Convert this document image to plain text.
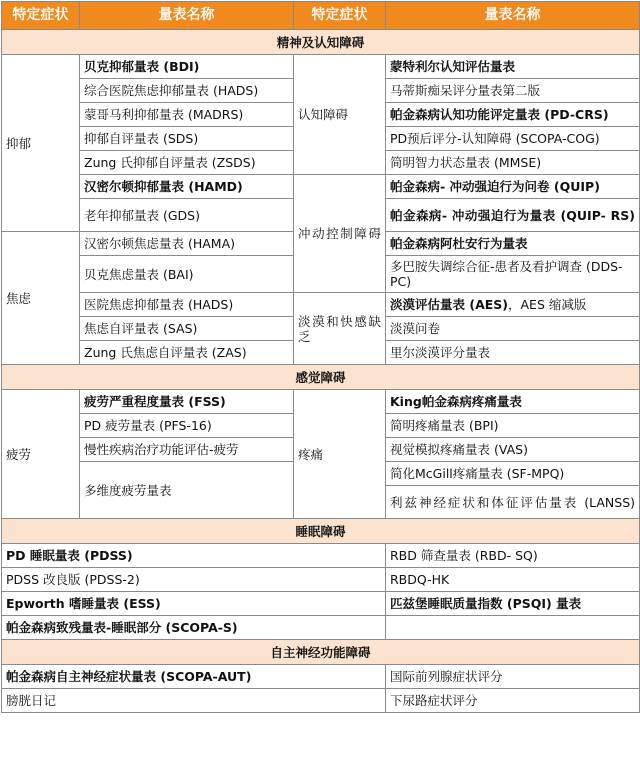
特定症状	量表名称	特定症状	量表名称
精神及认知障碍			
抑郁	贝克抑郁量表 (BDI)	认知障碍	蒙特利尔认知评估量表
	综合医院焦虑抑郁量表 (HADS)		马蒂斯痴呆评分量表第二版
	蒙哥马利抑郁量表 (MADRS)		帕金森病认知功能评定量表 (PD-CRS)
	抑郁自评量表 (SDS)		PD预后评分-认知障碍 (SCOPA-COG)
	Zung 氏抑郁自评量表 (ZSDS)		简明智力状态量表 (MMSE)
	汉密尔顿抑郁量表 (HAMD)	冲动控制障碍	帕金森病- 冲动强迫行为问卷 (QUIP)
	老年抑郁量表 (GDS)		帕金森病- 冲动强迫行为量表 (QUIP- RS)
焦虑	汉密尔顿焦虑量表 (HAMA)		帕金森病阿杜安行为量表
	贝克焦虑量表 (BAI)		多巴胺失调综合征-患者及看护调查 (DDS-PC)
	医院焦虑抑郁量表 (HADS)	淡漠和快感缺乏	淡漠评估量表 (AES)，AES 缩减版
	焦虑自评量表 (SAS)		淡漠问卷
	Zung 氏焦虑自评量表 (ZAS)		里尔淡漠评分量表
感觉障碍			
疲劳	疲劳严重程度量表 (FSS)	疼痛	King帕金森病疼痛量表
	PD 疲劳量表 (PFS-16)		简明疼痛量表 (BPI)
	慢性疾病治疗功能评估-疲劳		视觉模拟疼痛量表 (VAS)
	多维度疲劳量表		简化McGill疼痛量表 (SF-MPQ)
			利兹神经症状和体征评估量表 (LANSS)
睡眠障碍			
PD 睡眠量表 (PDSS)			RBD 筛查量表 (RBD- SQ)
PDSS 改良版 (PDSS-2)			RBDQ-HK
Epworth 嗜睡量表 (ESS)			匹兹堡睡眠质量指数 (PSQI) 量表
帕金森病致残量表-睡眠部分 (SCOPA-S)			
自主神经功能障碍			
帕金森病自主神经症状量表 (SCOPA-AUT)			国际前列腺症状评分
膀胱日记			下尿路症状评分
